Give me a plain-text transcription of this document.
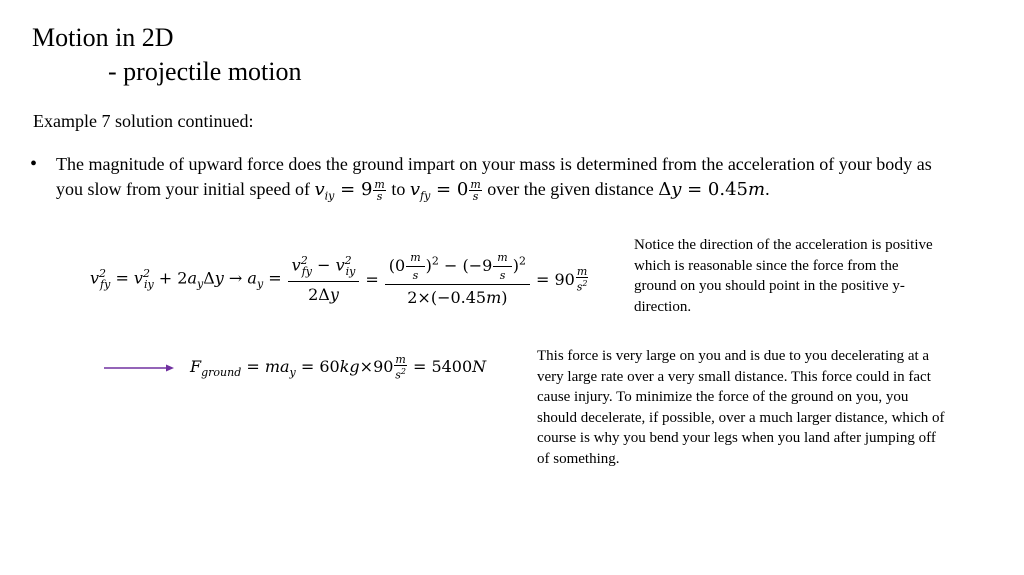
Motion in 2D
- projectile motion
Example 7 solution continued:
• The magnitude of upward force does the ground impart on your mass is determined from the acceleration of your body as you slow from your initial speed of $v_{iy} = 9 \frac{m}{s}$ to $v_{fy} = 0 \frac{m}{s}$ over the given distance Δy = 0.45m.
$v^2_{fy} = v^2_{iy} + 2a_y\Delta y \to a_y = \frac{v^2_{fy} - v^2_{iy}}{2\Delta y} = \frac{(0 \frac{m}{s} )^2 - (-9 \frac{m}{s} )^2}{2\times(-0.45m)} = 90$ m
$s^2$
Notice the direction of the acceleration is positive which is reasonable since the force from the ground on you should point in the positive y-direction.
$F_{ground} = ma_y = 60kg\times 90 \frac{m}{s^2} = 5400N$
This force is very large on you and is due to you decelerating at a very large rate over a very small distance. This force could in fact cause injury. To minimize the force of the ground on you, you should decelerate, if possible, over a much larger distance, which of course is why you bend your legs when you land after jumping off of something.
